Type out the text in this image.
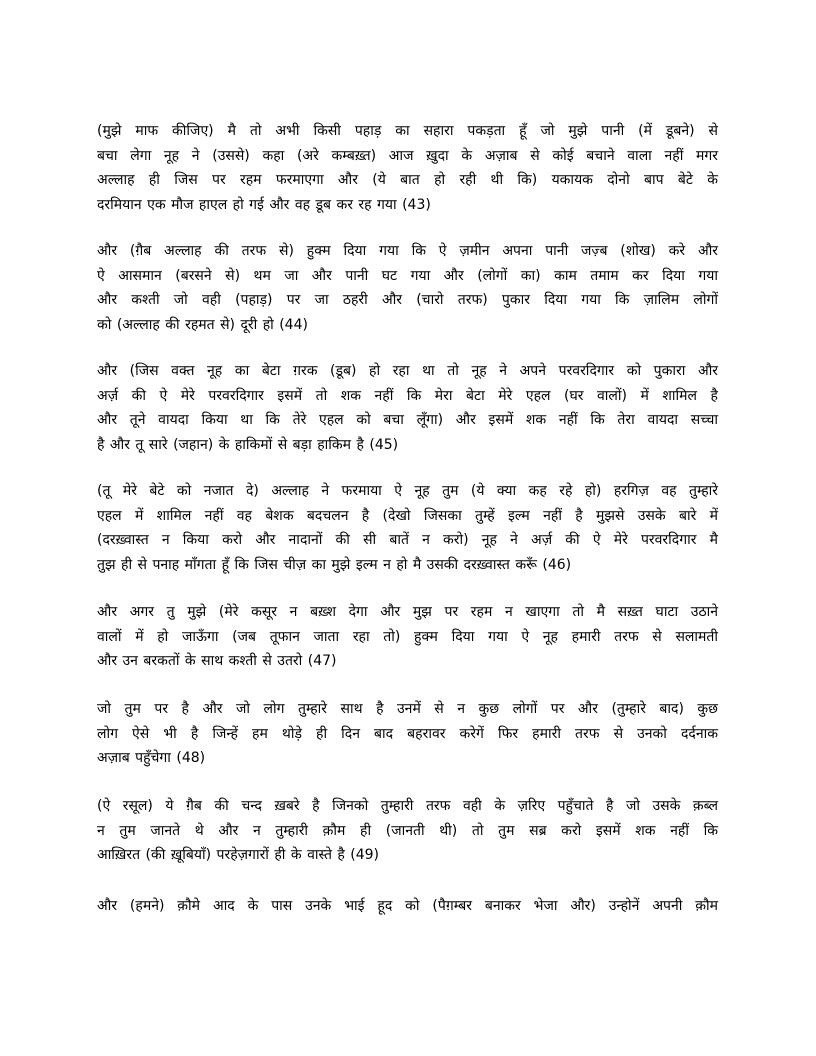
(मुझे माफ कीजिए) मै तो अभी किसी पहाड़ का सहारा पकड़ता हूँ जो मुझे पानी (में डूबने) से
बचा लेगा नूह ने (उससे) कहा (अरे कम्बख़्त) आज ख़ुदा के अज़ाब से कोई बचाने वाला नहीं मगर
अल्लाह ही जिस पर रहम फरमाएगा और (ये बात हो रही थी कि) यकायक दोनो बाप बेटे के
दरमियान एक मौज हाएल हो गई और वह डूब कर रह गया (43)
और (ग़ैब अल्लाह की तरफ से) हुक्म दिया गया कि ऐ ज़मीन अपना पानी जज़्ब (शोख) करे और
ऐ आसमान (बरसने से) थम जा और पानी घट गया और (लोगों का) काम तमाम कर दिया गया
और कश्ती जो वही (पहाड़) पर जा ठहरी और (चारो तरफ) पुकार दिया गया कि ज़ालिम लोगों
को (अल्लाह की रहमत से) दूरी हो (44)
और (जिस वक्त नूह का बेटा ग़रक (डूब) हो रहा था तो नूह ने अपने परवरदिगार को पुकारा और
अर्ज़ की ऐ मेरे परवरदिगार इसमें तो शक नहीं कि मेरा बेटा मेरे एहल (घर वालों) में शामिल है
और तूने वायदा किया था कि तेरे एहल को बचा लूँगा) और इसमें शक नहीं कि तेरा वायदा सच्चा
है और तू सारे (जहान) के हाकिमों से बड़ा हाकिम है (45)
(तू मेरे बेटे को नजात दे) अल्लाह ने फरमाया ऐ नूह तुम (ये क्या कह रहे हो) हरगिज़ वह तुम्हारे
एहल में शामिल नहीं वह बेशक बदचलन है (देखो जिसका तुम्हें इल्म नहीं है मुझसे उसके बारे में
(दरख़्वास्त न किया करो और नादानों की सी बातें न करो) नूह ने अर्ज़ की ऐ मेरे परवरदिगार मै
तुझ ही से पनाह माँगता हूँ कि जिस चीज़ का मुझे इल्म न हो मै उसकी दरख़्वास्त करूँ (46)
और अगर तु मुझे (मेरे कसूर न बख़्श देगा और मुझ पर रहम न खाएगा तो मै सख़्त घाटा उठाने
वालों में हो जाऊँगा (जब तूफान जाता रहा तो) हुक्म दिया गया ऐ नूह हमारी तरफ से सलामती
और उन बरकतों के साथ कश्ती से उतरो (47)
जो तुम पर है और जो लोग तुम्हारे साथ है उनमें से न कुछ लोगों पर और (तुम्हारे बाद) कुछ
लोग ऐसे भी है जिन्हें हम थोड़े ही दिन बाद बहरावर करेगें फिर हमारी तरफ से उनको दर्दनाक
अज़ाब पहुँचेगा (48)
(ऐ रसूल) ये ग़ैब की चन्द ख़बरे है जिनको तुम्हारी तरफ वही के ज़रिए पहुँचाते है जो उसके क़ब्ल
न तुम जानते थे और न तुम्हारी क़ौम ही (जानती थी) तो तुम सब्र करो इसमें शक नहीं कि
आख़िरत (की ख़ूबियाँ) परहेज़गारों ही के वास्ते है (49)
और (हमने) क़ौमे आद के पास उनके भाई हूद को (पैग़म्बर बनाकर भेजा और) उन्होनें अपनी क़ौम
